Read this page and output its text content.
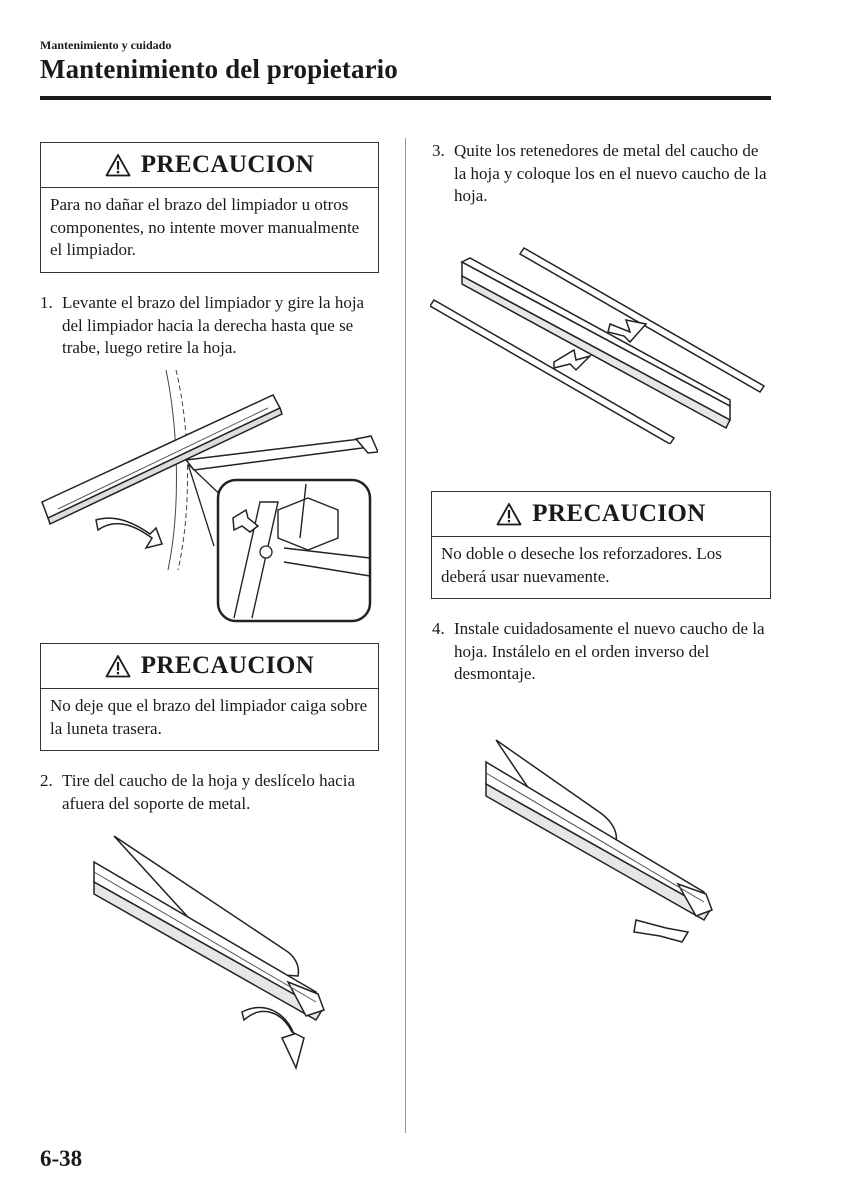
Mantenimiento y cuidado
Mantenimiento del propietario
PRECAUCION
Para no dañar el brazo del limpiador u otros componentes, no intente mover manualmente el limpiador.
1. Levante el brazo del limpiador y gire la hoja del limpiador hacia la derecha hasta que se trabe, luego retire la hoja.
PRECAUCION
No deje que el brazo del limpiador caiga sobre la luneta trasera.
2. Tire del caucho de la hoja y deslícelo hacia afuera del soporte de metal.
3. Quite los retenedores de metal del caucho de la hoja y coloque los en el nuevo caucho de la hoja.
PRECAUCION
No doble o deseche los reforzadores. Los deberá usar nuevamente.
4. Instale cuidadosamente el nuevo caucho de la hoja. Instálelo en el orden inverso del desmontaje.
6-38
